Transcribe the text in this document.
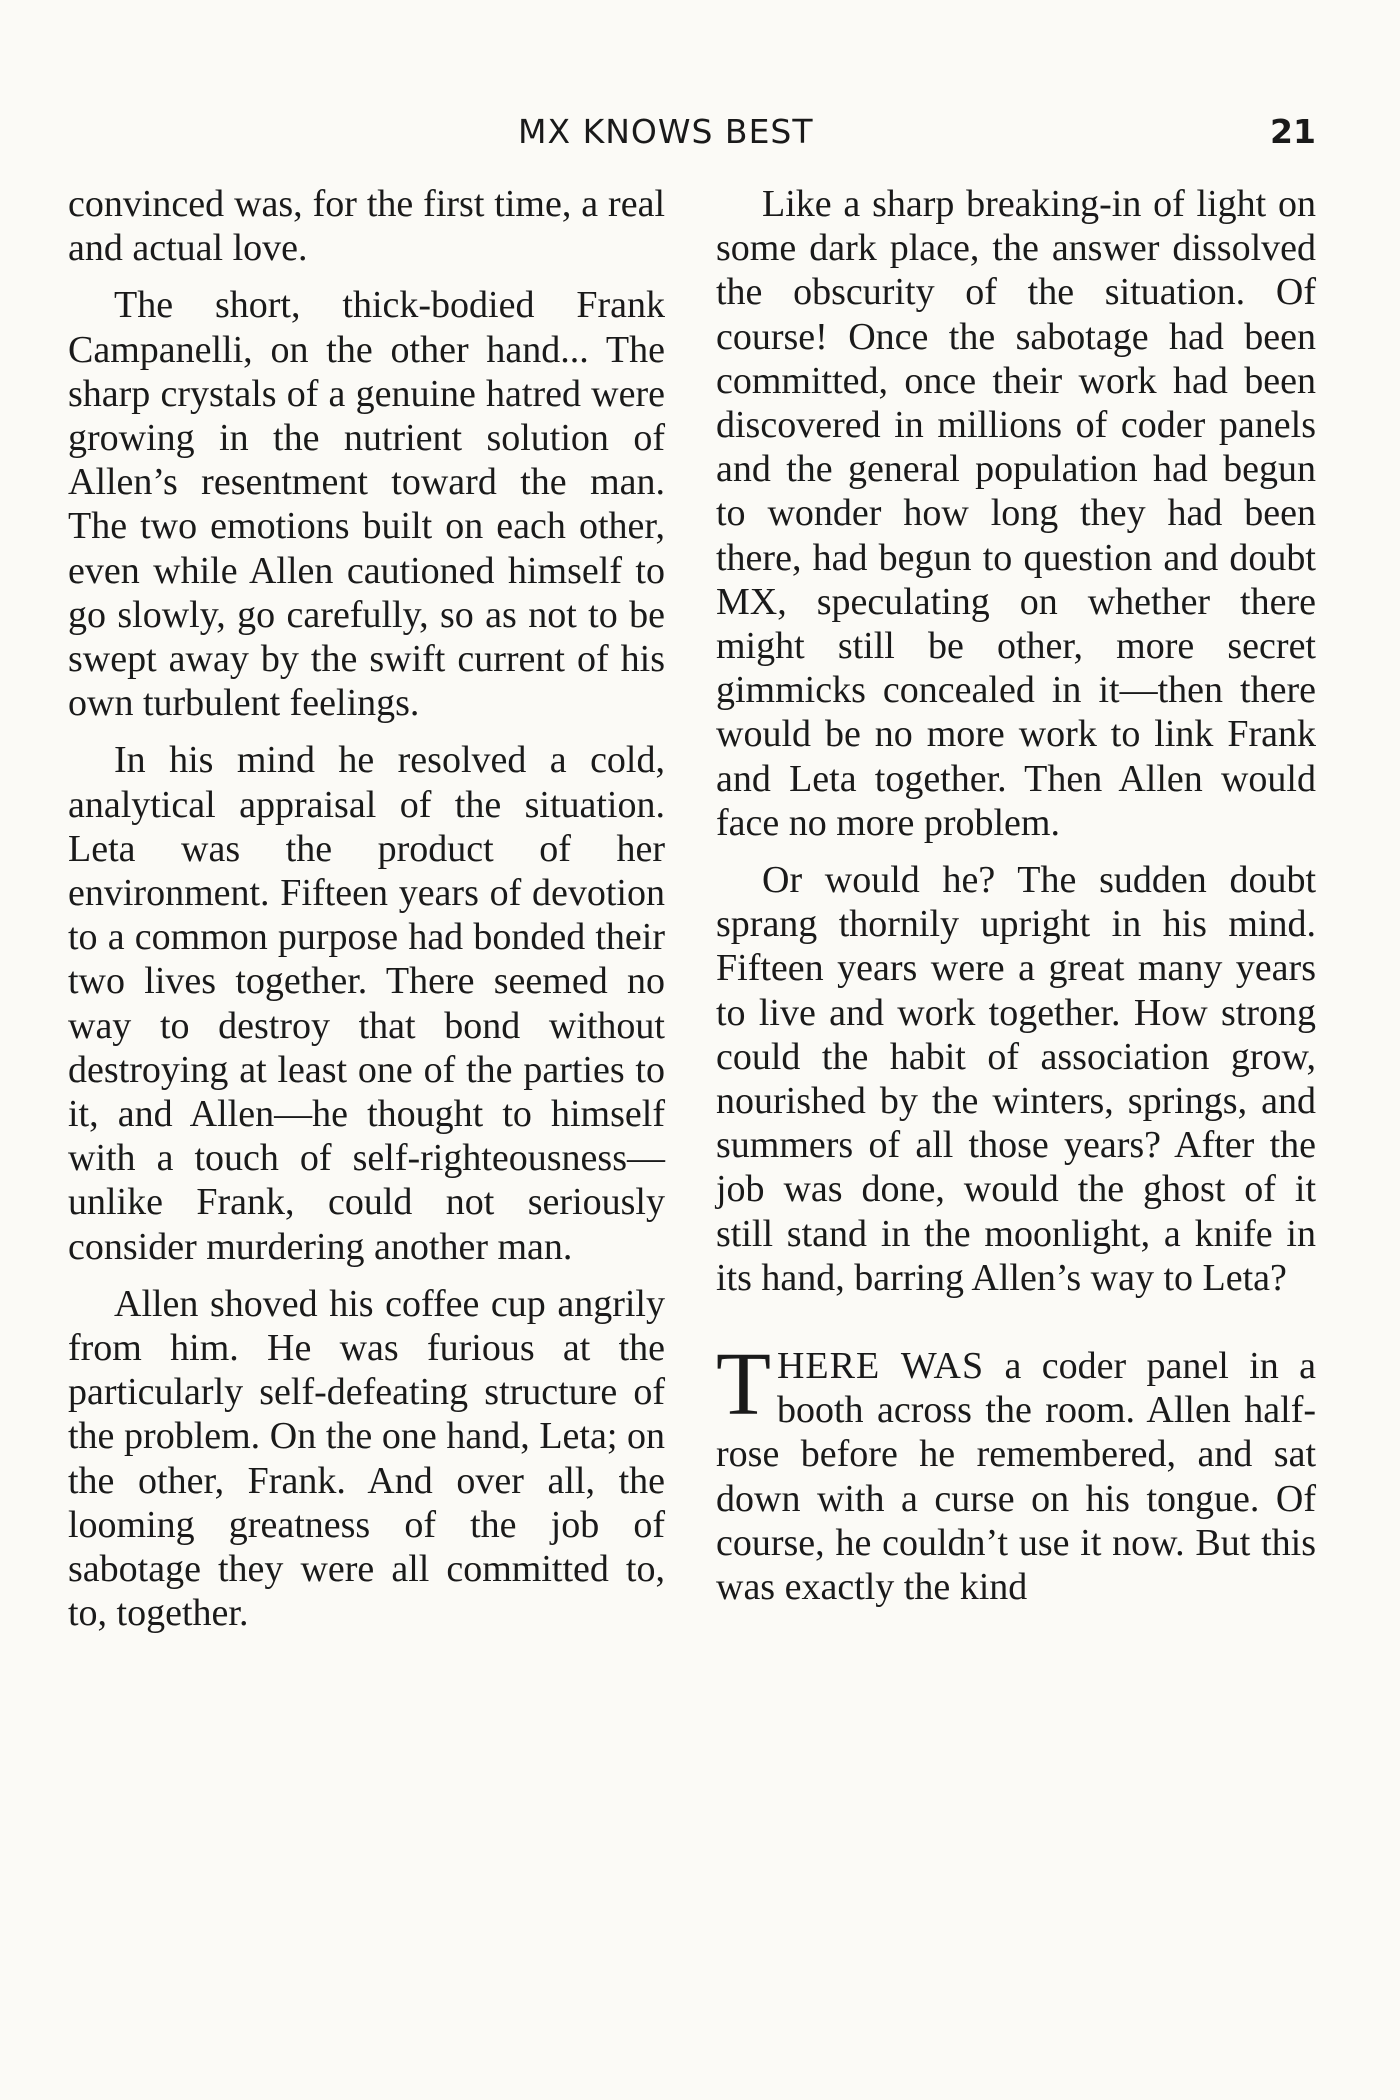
MX KNOWS BEST	21

convinced was, for the first time, a real and actual love.

The short, thick-bodied Frank Campanelli, on the other hand... The sharp crystals of a genuine hatred were growing in the nutrient solution of Allen’s resentment toward the man. The two emotions built on each other, even while Allen cautioned himself to go slowly, go carefully, so as not to be swept away by the swift current of his own turbulent feelings.

In his mind he resolved a cold, analytical appraisal of the situation. Leta was the product of her environment. Fifteen years of devotion to a common purpose had bonded their two lives together. There seemed no way to destroy that bond without destroying at least one of the parties to it, and Allen—he thought to himself with a touch of self-righteousness—unlike Frank, could not seriously consider murdering another man.

Allen shoved his coffee cup angrily from him. He was furious at the particularly self-defeating structure of the problem. On the one hand, Leta; on the other, Frank. And over all, the looming greatness of the job of sabotage they were all committed to, to, together.

Like a sharp breaking-in of light on some dark place, the answer dissolved the obscurity of the situation. Of course! Once the sabotage had been committed, once their work had been discovered in millions of coder panels and the general population had begun to wonder how long they had been there, had begun to question and doubt MX, speculating on whether there might still be other, more secret gimmicks concealed in it—then there would be no more work to link Frank and Leta together. Then Allen would face no more problem.

Or would he? The sudden doubt sprang thornily upright in his mind. Fifteen years were a great many years to live and work together. How strong could the habit of association grow, nourished by the winters, springs, and summers of all those years? After the job was done, would the ghost of it still stand in the moonlight, a knife in its hand, barring Allen’s way to Leta?

THERE WAS a coder panel in a booth across the room. Allen half-rose before he remembered, and sat down with a curse on his tongue. Of course, he couldn’t use it now. But this was exactly the kind
